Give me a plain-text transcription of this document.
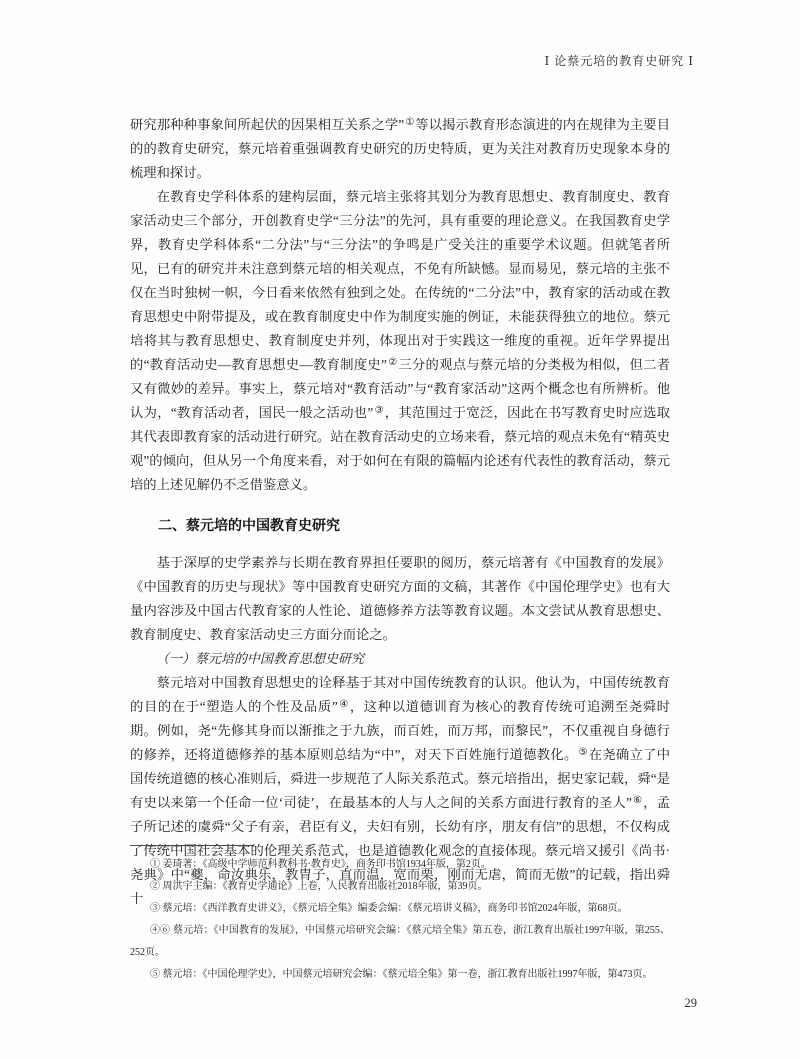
Ⅰ 论蔡元培的教育史研究 Ⅰ

研究那种种事象间所起伏的因果相互关系之学”①等以揭示教育形态演进的内在规律为主要目的的教育史研究，蔡元培着重强调教育史研究的历史特质，更为关注对教育历史现象本身的梳理和探讨。

在教育史学科体系的建构层面，蔡元培主张将其划分为教育思想史、教育制度史、教育家活动史三个部分，开创教育史学“三分法”的先河，具有重要的理论意义。在我国教育史学界，教育史学科体系“二分法”与“三分法”的争鸣是广受关注的重要学术议题。但就笔者所见，已有的研究并未注意到蔡元培的相关观点，不免有所缺憾。显而易见，蔡元培的主张不仅在当时独树一帜，今日看来依然有独到之处。在传统的“二分法”中，教育家的活动或在教育思想史中附带提及，或在教育制度史中作为制度实施的例证，未能获得独立的地位。蔡元培将其与教育思想史、教育制度史并列，体现出对于实践这一维度的重视。近年学界提出的“教育活动史—教育思想史—教育制度史”②三分的观点与蔡元培的分类极为相似，但二者又有微妙的差异。事实上，蔡元培对“教育活动”与“教育家活动”这两个概念也有所辨析。他认为，“教育活动者，国民一般之活动也”③，其范围过于宽泛，因此在书写教育史时应选取其代表即教育家的活动进行研究。站在教育活动史的立场来看，蔡元培的观点未免有“精英史观”的倾向，但从另一个角度来看，对于如何在有限的篇幅内论述有代表性的教育活动，蔡元培的上述见解仍不乏借鉴意义。

二、蔡元培的中国教育史研究

基于深厚的史学素养与长期在教育界担任要职的阅历，蔡元培著有《中国教育的发展》《中国教育的历史与现状》等中国教育史研究方面的文稿，其著作《中国伦理学史》也有大量内容涉及中国古代教育家的人性论、道德修养方法等教育议题。本文尝试从教育思想史、教育制度史、教育家活动史三方面分而论之。

（一）蔡元培的中国教育思想史研究

蔡元培对中国教育思想史的诠释基于其对中国传统教育的认识。他认为，中国传统教育的目的在于“塑造人的个性及品质”④，这种以道德训育为核心的教育传统可追溯至尧舜时期。例如，尧“先修其身而以渐推之于九族，而百姓，而万邦，而黎民”，不仅重视自身德行的修养，还将道德修养的基本原则总结为“中”，对天下百姓施行道德教化。⑤在尧确立了中国传统道德的核心准则后，舜进一步规范了人际关系范式。蔡元培指出，据史家记载，舜“是有史以来第一个任命一位‘司徒’，在最基本的人与人之间的关系方面进行教育的圣人”⑥，孟子所记述的虞舜“父子有亲，君臣有义，夫妇有别，长幼有序，朋友有信”的思想，不仅构成了传统中国社会基本的伦理关系范式，也是道德教化观念的直接体现。蔡元培又援引《尚书·尧典》中“夔，命汝典乐，教胄子，直而温，宽而栗，刚而无虐，简而无傲”的记载，指出舜十

① 姜琦著：《高级中学师范科教科书·教育史》，商务印书馆1934年版，第2页。

② 周洪宇主编：《教育史学通论》上卷，人民教育出版社2018年版，第39页。

③ 蔡元培：《西洋教育史讲义》，《蔡元培全集》编委会编：《蔡元培讲义稿》，商务印书馆2024年版，第68页。

④⑥ 蔡元培：《中国教育的发展》，中国蔡元培研究会编：《蔡元培全集》第五卷，浙江教育出版社1997年版，第255、252页。

⑤ 蔡元培：《中国伦理学史》，中国蔡元培研究会编：《蔡元培全集》第一卷，浙江教育出版社1997年版，第473页。

29
